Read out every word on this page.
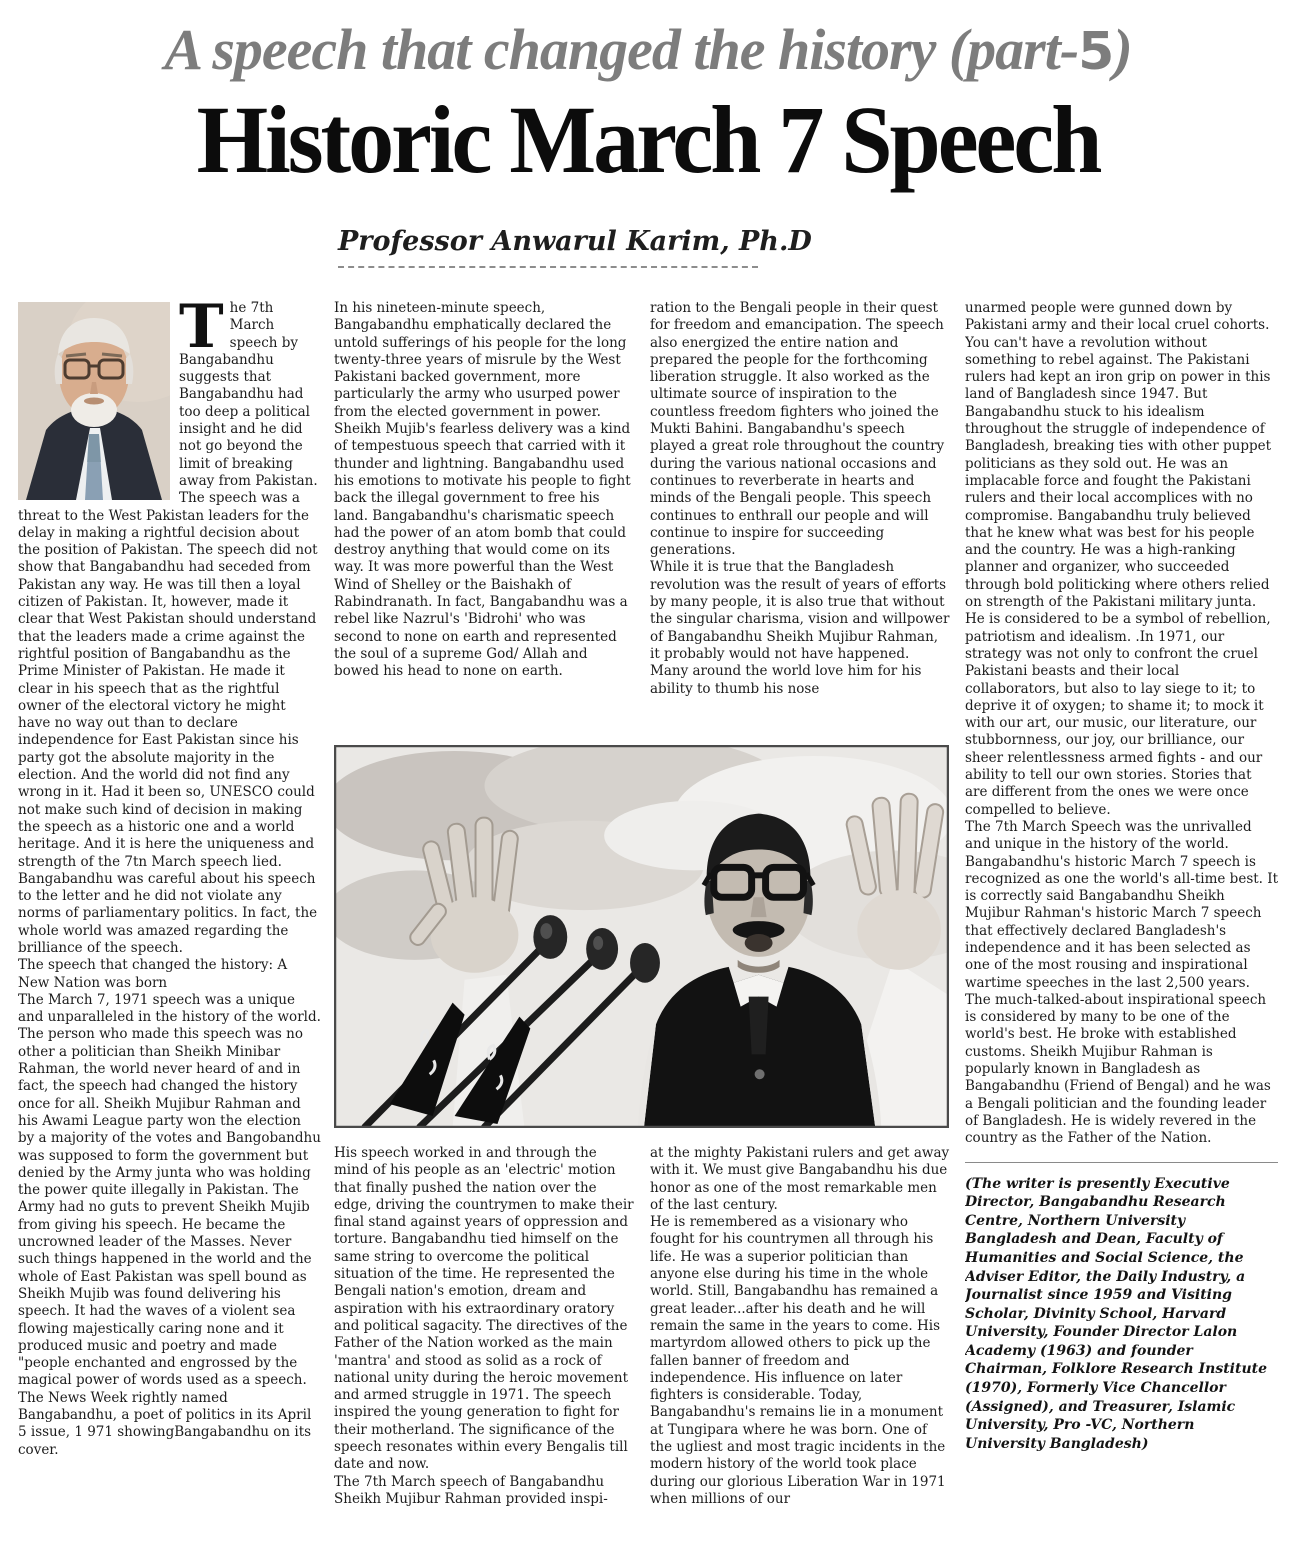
A speech that changed the history (part-5)
Historic March 7 Speech
Professor Anwarul Karim, Ph.D
T he 7th March speech by Bangabandhu suggests that Bangabandhu had too deep a political insight and he did not go beyond the limit of breaking away from Pakistan. The speech was a threat to the West Pakistan leaders for the delay in making a rightful decision about the position of Pakistan. The speech did not show that Bangabandhu had seceded from Pakistan any way. He was till then a loyal citizen of Pakistan. It, however, made it clear that West Pakistan should understand that the leaders made a crime against the rightful position of Bangabandhu as the Prime Minister of Pakistan. He made it clear in his speech that as the rightful owner of the electoral victory he might have no way out than to declare independence for East Pakistan since his party got the absolute majority in the election. And the world did not find any wrong in it. Had it been so, UNESCO could not make such kind of decision in making the speech as a historic one and a world heritage. And it is here the uniqueness and strength of the 7tn March speech lied. Bangabandhu was careful about his speech to the letter and he did not violate any norms of parliamentary politics. In fact, the whole world was amazed regarding the brilliance of the speech.

The speech that changed the history: A New Nation was born

The March 7, 1971 speech was a unique and unparalleled in the history of the world. The person who made this speech was no other a politician than Sheikh Minibar Rahman, the world never heard of and in fact, the speech had changed the history once for all. Sheikh Mujibur Rahman and his Awami League party won the election by a majority of the votes and Bangobandhu was supposed to form the government but denied by the Army junta who was holding the power quite illegally in Pakistan. The Army had no guts to prevent Sheikh Mujib from giving his speech. He became the uncrowned leader of the Masses. Never such things happened in the world and the whole of East Pakistan was spell bound as Sheikh Mujib was found delivering his speech. It had the waves of a violent sea flowing majestically caring none and it produced music and poetry and made "people enchanted and engrossed by the magical power of words used as a speech. The News Week rightly named Bangabandhu, a poet of politics in its April 5 issue, 1 971 showingBangabandhu on its cover.

In his nineteen-minute speech, Bangabandhu emphatically declared the untold sufferings of his people for the long twenty-three years of misrule by the West Pakistani backed government, more particularly the army who usurped power from the elected government in power. Sheikh Mujib's fearless delivery was a kind of tempestuous speech that carried with it thunder and lightning. Bangabandhu used his emotions to motivate his people to fight back the illegal government to free his land. Bangabandhu's charismatic speech had the power of an atom bomb that could destroy anything that would come on its way. It was more powerful than the West Wind of Shelley or the Baishakh of Rabindranath. In fact, Bangabandhu was a rebel like Nazrul's 'Bidrohi' who was second to none on earth and represented the soul of a supreme God/ Allah and bowed his head to none on earth.

ration to the Bengali people in their quest for freedom and emancipation. The speech also energized the entire nation and prepared the people for the forthcoming liberation struggle. It also worked as the ultimate source of inspiration to the countless freedom fighters who joined the Mukti Bahini. Bangabandhu's speech played a great role throughout the country during the various national occasions and continues to reverberate in hearts and minds of the Bengali people. This speech continues to enthrall our people and will continue to inspire for succeeding generations.

While it is true that the Bangladesh revolution was the result of years of efforts by many people, it is also true that without the singular charisma, vision and willpower of Bangabandhu Sheikh Mujibur Rahman, it probably would not have happened. Many around the world love him for his ability to thumb his nose

His speech worked in and through the mind of his people as an 'electric' motion that finally pushed the nation over the edge, driving the countrymen to make their final stand against years of oppression and torture. Bangabandhu tied himself on the same string to overcome the political situation of the time. He represented the Bengali nation's emotion, dream and aspiration with his extraordinary oratory and political sagacity. The directives of the Father of the Nation worked as the main 'mantra' and stood as solid as a rock of national unity during the heroic movement and armed struggle in 1971. The speech inspired the young generation to fight for their motherland. The significance of the speech resonates within every Bengalis till date and now.

The 7th March speech of Bangabandhu Sheikh Mujibur Rahman provided inspi-

at the mighty Pakistani rulers and get away with it. We must give Bangabandhu his due honor as one of the most remarkable men of the last century.

He is remembered as a visionary who fought for his countrymen all through his life. He was a superior politician than anyone else during his time in the whole world. Still, Bangabandhu has remained a great leader...after his death and he will remain the same in the years to come. His martyrdom allowed others to pick up the fallen banner of freedom and independence. His influence on later fighters is considerable. Today, Bangabandhu's remains lie in a monument at Tungipara where he was born. One of the ugliest and most tragic incidents in the modern history of the world took place during our glorious Liberation War in 1971 when millions of our

unarmed people were gunned down by Pakistani army and their local cruel cohorts.

You can't have a revolution without something to rebel against. The Pakistani rulers had kept an iron grip on power in this land of Bangladesh since 1947. But Bangabandhu stuck to his idealism throughout the struggle of independence of Bangladesh, breaking ties with other puppet politicians as they sold out. He was an implacable force and fought the Pakistani rulers and their local accomplices with no compromise. Bangabandhu truly believed that he knew what was best for his people and the country. He was a high-ranking planner and organizer, who succeeded through bold politicking where others relied on strength of the Pakistani military junta. He is considered to be a symbol of rebellion, patriotism and idealism. .In 1971, our strategy was not only to confront the cruel Pakistani beasts and their local collaborators, but also to lay siege to it; to deprive it of oxygen; to shame it; to mock it with our art, our music, our literature, our stubbornness, our joy, our brilliance, our sheer relentlessness armed fights - and our ability to tell our own stories. Stories that are different from the ones we were once compelled to believe.

The 7th March Speech was the unrivalled and unique in the history of the world. Bangabandhu's historic March 7 speech is recognized as one the world's all-time best. It is correctly said Bangabandhu Sheikh Mujibur Rahman's historic March 7 speech that effectively declared Bangladesh's independence and it has been selected as one of the most rousing and inspirational wartime speeches in the last 2,500 years. The much-talked-about inspirational speech is considered by many to be one of the world's best. He broke with established customs. Sheikh Mujibur Rahman is popularly known in Bangladesh as Bangabandhu (Friend of Bengal) and he was a Bengali politician and the founding leader of Bangladesh. He is widely revered in the country as the Father of the Nation.

(The writer is presently Executive Director, Bangabandhu Research Centre, Northern University Bangladesh and Dean, Faculty of Humanities and Social Science, the Adviser Editor, the Daily Industry, a Journalist since 1959 and Visiting Scholar, Divinity School, Harvard University, Founder Director Lalon Academy (1963) and founder Chairman, Folklore Research Institute (1970), Formerly Vice Chancellor (Assigned), and Treasurer, Islamic University, Pro -VC, Northern University Bangladesh)
